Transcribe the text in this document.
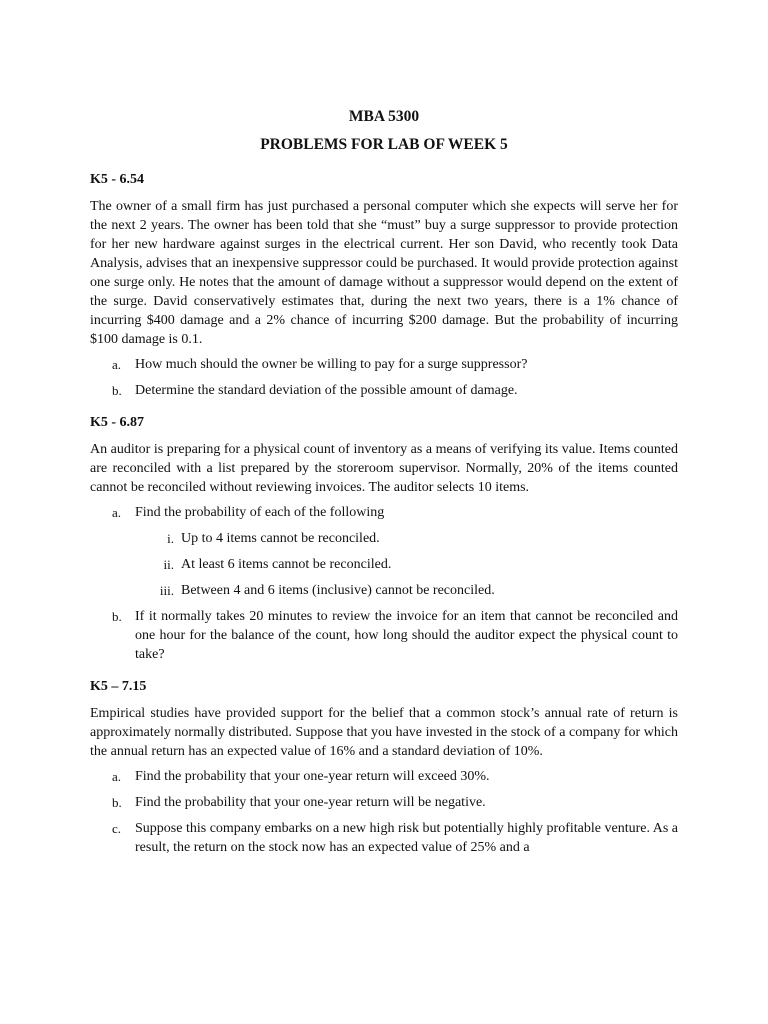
MBA 5300

PROBLEMS FOR LAB OF WEEK 5

K5 - 6.54

The owner of a small firm has just purchased a personal computer which she expects will serve her for the next 2 years. The owner has been told that she “must” buy a surge suppressor to provide protection for her new hardware against surges in the electrical current. Her son David, who recently took Data Analysis, advises that an inexpensive suppressor could be purchased. It would provide protection against one surge only. He notes that the amount of damage without a suppressor would depend on the extent of the surge. David conservatively estimates that, during the next two years, there is a 1% chance of incurring $400 damage and a 2% chance of incurring $200 damage. But the probability of incurring $100 damage is 0.1.

a. How much should the owner be willing to pay for a surge suppressor?
b. Determine the standard deviation of the possible amount of damage.

K5 - 6.87

An auditor is preparing for a physical count of inventory as a means of verifying its value. Items counted are reconciled with a list prepared by the storeroom supervisor. Normally, 20% of the items counted cannot be reconciled without reviewing invoices. The auditor selects 10 items.

a. Find the probability of each of the following
i. Up to 4 items cannot be reconciled.
ii. At least 6 items cannot be reconciled.
iii. Between 4 and 6 items (inclusive) cannot be reconciled.
b. If it normally takes 20 minutes to review the invoice for an item that cannot be reconciled and one hour for the balance of the count, how long should the auditor expect the physical count to take?

K5 – 7.15

Empirical studies have provided support for the belief that a common stock’s annual rate of return is approximately normally distributed. Suppose that you have invested in the stock of a company for which the annual return has an expected value of 16% and a standard deviation of 10%.

a. Find the probability that your one-year return will exceed 30%.
b. Find the probability that your one-year return will be negative.
c. Suppose this company embarks on a new high risk but potentially highly profitable venture. As a result, the return on the stock now has an expected value of 25% and a
